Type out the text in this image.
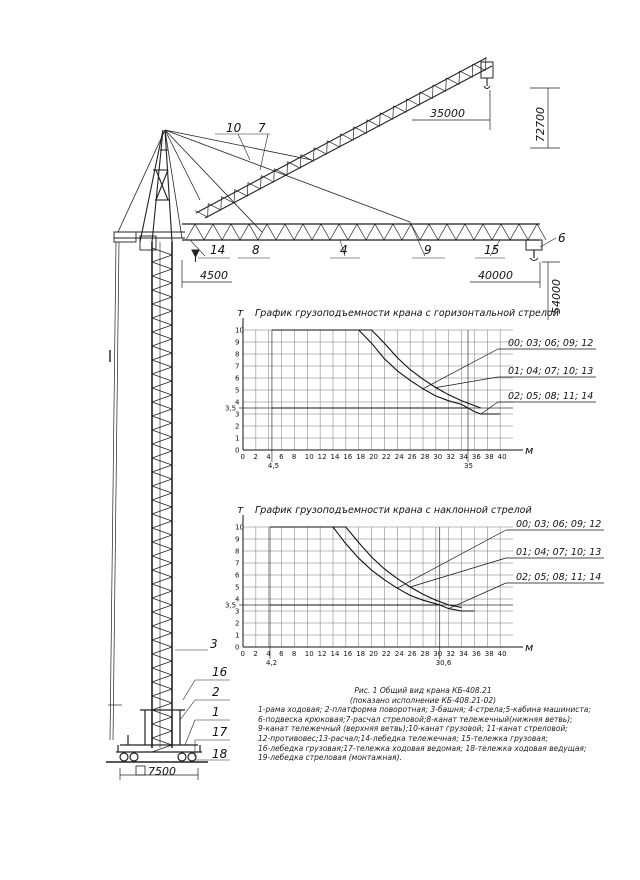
10 7
14 8	4	9	15
6
3
16
2
1
17
18
35000	72700
4500	40000
54000
7500
График грузоподъемности крана с горизонтальной стрелой
0 2 4 6 8 10 12 14 16 18 20 22 24 26 28 30 32 34 36 38 40
0
1
2
3
4
5
6
7
8
9
10
4,5	35
3,5
т
м
00; 03; 06; 09; 12
01; 04; 07; 10; 13
02; 05; 08; 11; 14
График грузоподъемности крана с наклонной стрелой
0 2 4 6 8 10 12 14 16 18 20 22 24 26 28 30 32 34 36 38 40
0
1
2
3
4
5
6
7
8
9
10
4,2	30,6
3,5
т
м
00; 03; 06; 09; 12
01; 04; 07; 10; 13
02; 05; 08; 11; 14
Рис. 1 Общий вид крана КБ-408.21
(показано исполнение КБ-408.21-02)
1-рама ходовая; 2-платформа поворотная; 3-башня; 4-стрела;5-кабина машиниста;
6-подвеска крюковая;7-расчал стреловой;8-канат тележечный(нижняя ветвь);
9-канат тележечный (верхняя ветвь);10-канат грузовой; 11-канат стреловой;
12-противовес;13-расчал;14-лебедка тележечная; 15-тележка грузовая;
16-лебедка грузовая;17-тележка ходовая ведомая; 18-тележка ходовая ведущая;
19-лебедка стреловая (монтажная).
